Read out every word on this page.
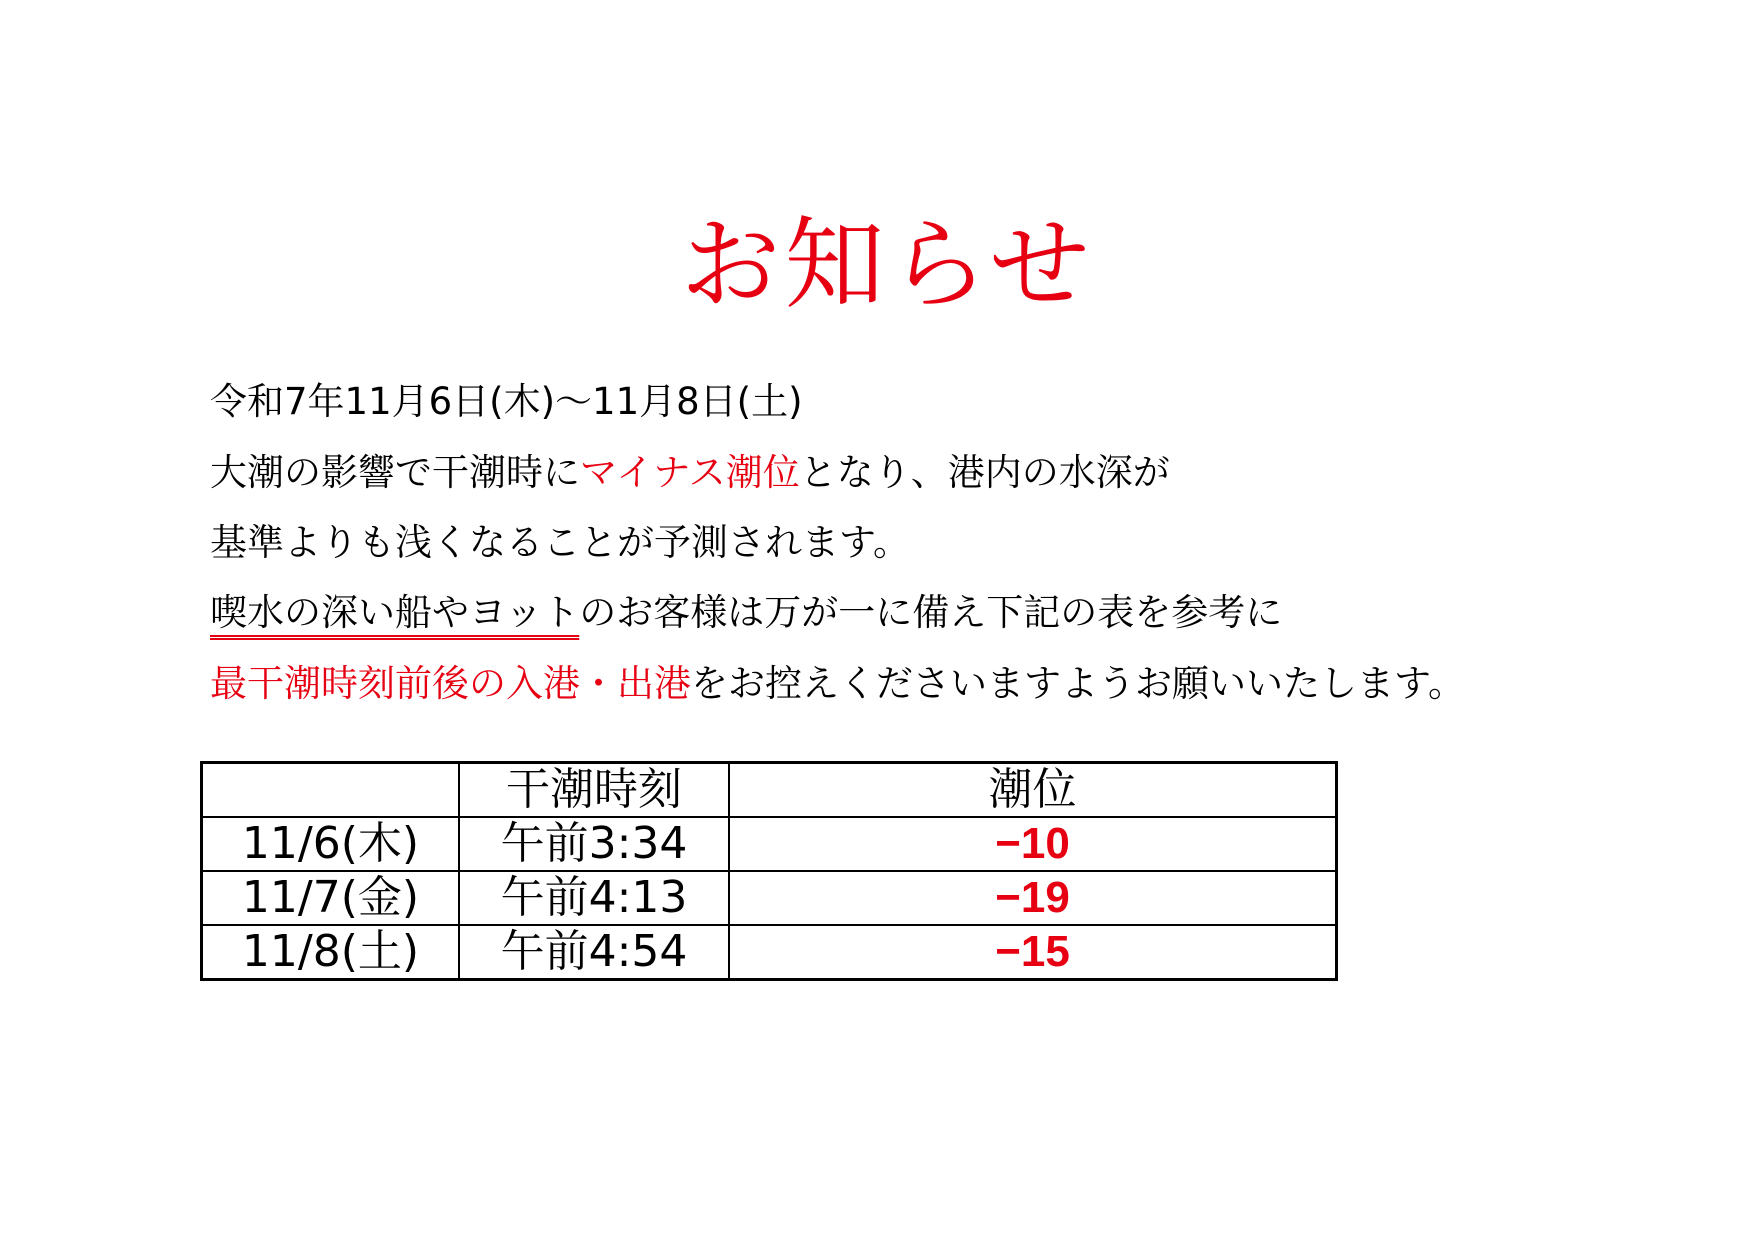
お知らせ
令和7年11月6日(木)～11月8日(土)
大潮の影響で干潮時にマイナス潮位となり、港内の水深が
基準よりも浅くなることが予測されます。
喫水の深い船やヨットのお客様は万が一に備え下記の表を参考に
最干潮時刻前後の入港・出港をお控えくださいますようお願いいたします。
	干潮時刻	潮位
11/6(木)	午前3:34	−10
11/7(金)	午前4:13	−19
11/8(土)	午前4:54	−15
